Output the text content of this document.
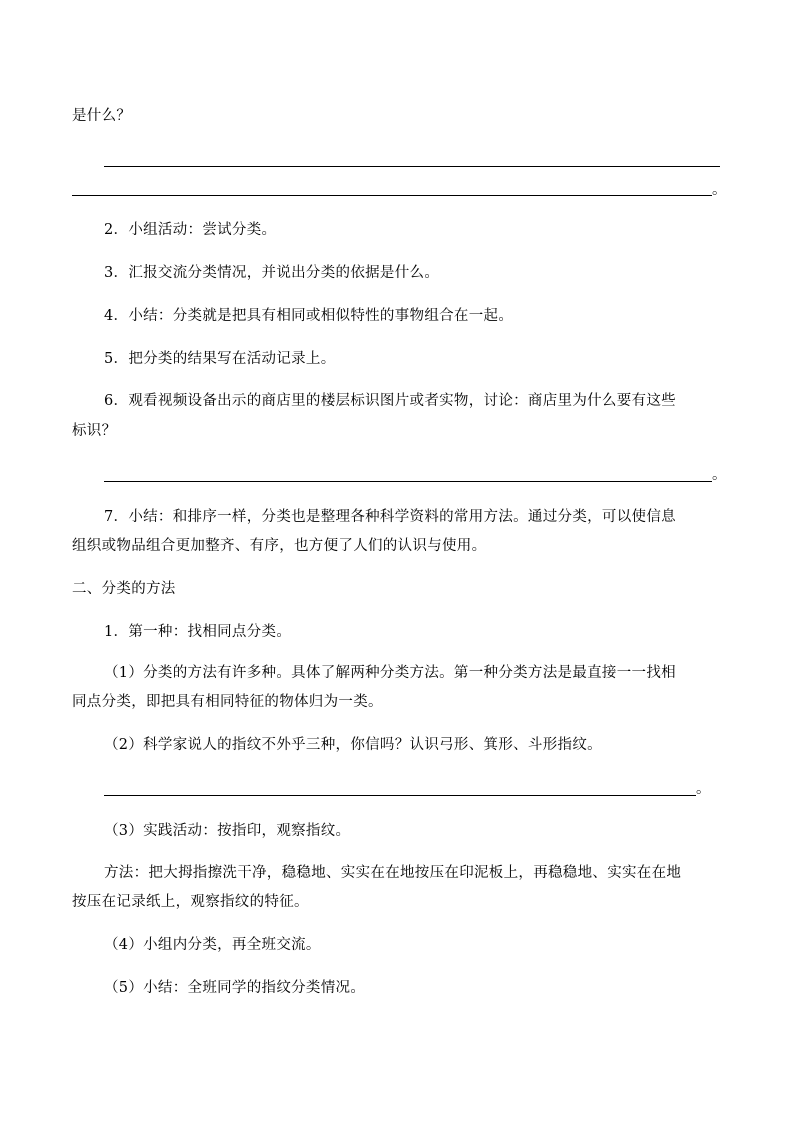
是什么？
。
2．小组活动：尝试分类。
3．汇报交流分类情况，并说出分类的依据是什么。
4．小结：分类就是把具有相同或相似特性的事物组合在一起。
5．把分类的结果写在活动记录上。
6．观看视频设备出示的商店里的楼层标识图片或者实物，讨论：商店里为什么要有这些
标识？
。
7．小结：和排序一样，分类也是整理各种科学资料的常用方法。通过分类，可以使信息
组织或物品组合更加整齐、有序，也方便了人们的认识与使用。
二、分类的方法
1．第一种：找相同点分类。
（1）分类的方法有许多种。具体了解两种分类方法。第一种分类方法是最直接一一找相
同点分类，即把具有相同特征的物体归为一类。
（2）科学家说人的指纹不外乎三种，你信吗？认识弓形、箕形、斗形指纹。
。
（3）实践活动：按指印，观察指纹。
方法：把大拇指擦洗干净，稳稳地、实实在在地按压在印泥板上，再稳稳地、实实在在地
按压在记录纸上，观察指纹的特征。
（4）小组内分类，再全班交流。
（5）小结：全班同学的指纹分类情况。
